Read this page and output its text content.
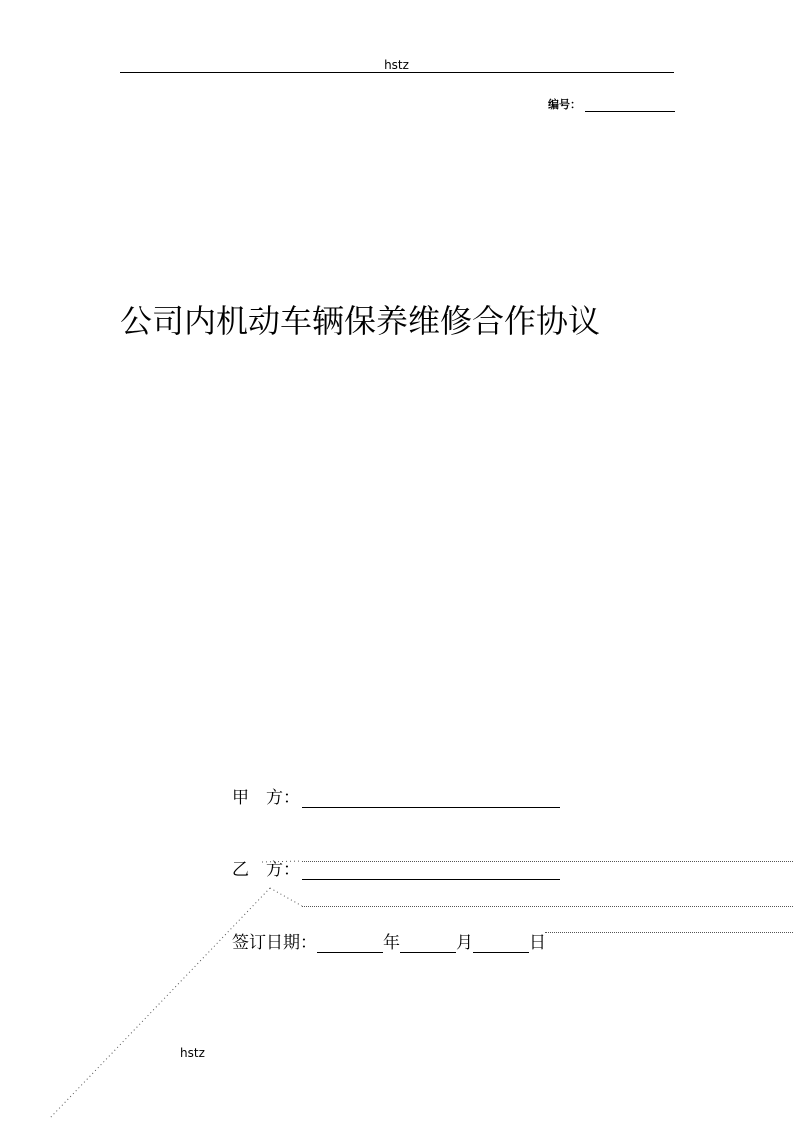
hstz
编号：
公司内机动车辆保养维修合作协议
甲　方：
乙　方：
签订日期：	年	月	日
hstz
